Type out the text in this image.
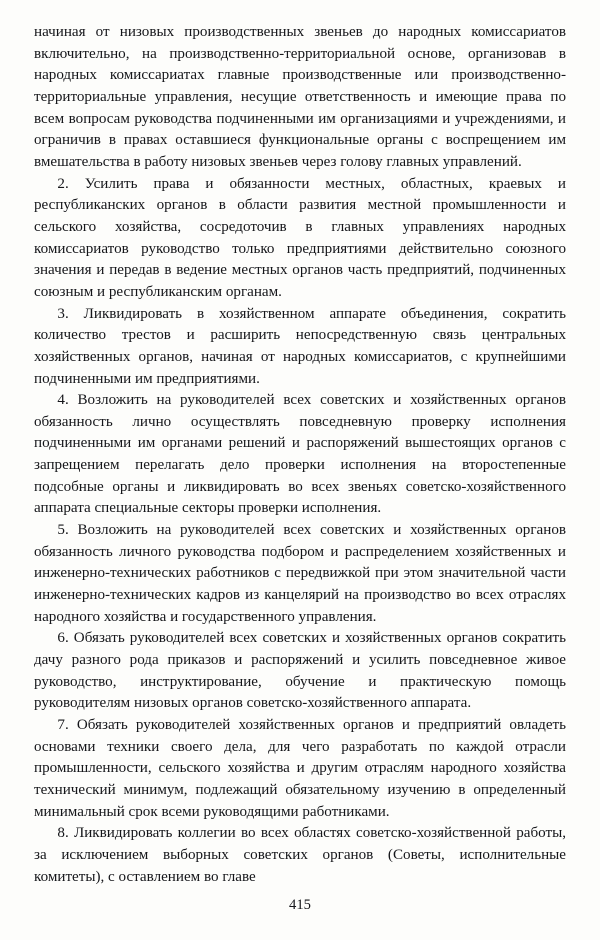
начиная от низовых производственных звеньев до народных комиссариатов включительно, на производственно-территориальной основе, организовав в народных комиссариатах главные производственные или производственно-территориальные управления, несущие ответственность и имеющие права по всем вопросам руководства подчиненными им организациями и учреждениями, и ограничив в правах оставшиеся функциональные органы с воспрещением им вмешательства в работу низовых звеньев через голову главных управлений.

2. Усилить права и обязанности местных, областных, краевых и республиканских органов в области развития местной промышленности и сельского хозяйства, сосредоточив в главных управлениях народных комиссариатов руководство только предприятиями действительно союзного значения и передав в ведение местных органов часть предприятий, подчиненных союзным и республиканским органам.

3. Ликвидировать в хозяйственном аппарате объединения, сократить количество трестов и расширить непосредственную связь центральных хозяйственных органов, начиная от народных комиссариатов, с крупнейшими подчиненными им предприятиями.

4. Возложить на руководителей всех советских и хозяйственных органов обязанность лично осуществлять повседневную проверку исполнения подчиненными им органами решений и распоряжений вышестоящих органов с запрещением перелагать дело проверки исполнения на второстепенные подсобные органы и ликвидировать во всех звеньях советско-хозяйственного аппарата специальные секторы проверки исполнения.

5. Возложить на руководителей всех советских и хозяйственных органов обязанность личного руководства подбором и распределением хозяйственных и инженерно-технических работников с передвижкой при этом значительной части инженерно-технических кадров из канцелярий на производство во всех отраслях народного хозяйства и государственного управления.

6. Обязать руководителей всех советских и хозяйственных органов сократить дачу разного рода приказов и распоряжений и усилить повседневное живое руководство, инструктирование, обучение и практическую помощь руководителям низовых органов советско-хозяйственного аппарата.

7. Обязать руководителей хозяйственных органов и предприятий овладеть основами техники своего дела, для чего разработать по каждой отрасли промышленности, сельского хозяйства и другим отраслям народного хозяйства технический минимум, подлежащий обязательному изучению в определенный минимальный срок всеми руководящими работниками.

8. Ликвидировать коллегии во всех областях советско-хозяйственной работы, за исключением выборных советских органов (Советы, исполнительные комитеты), с оставлением во главе

415
